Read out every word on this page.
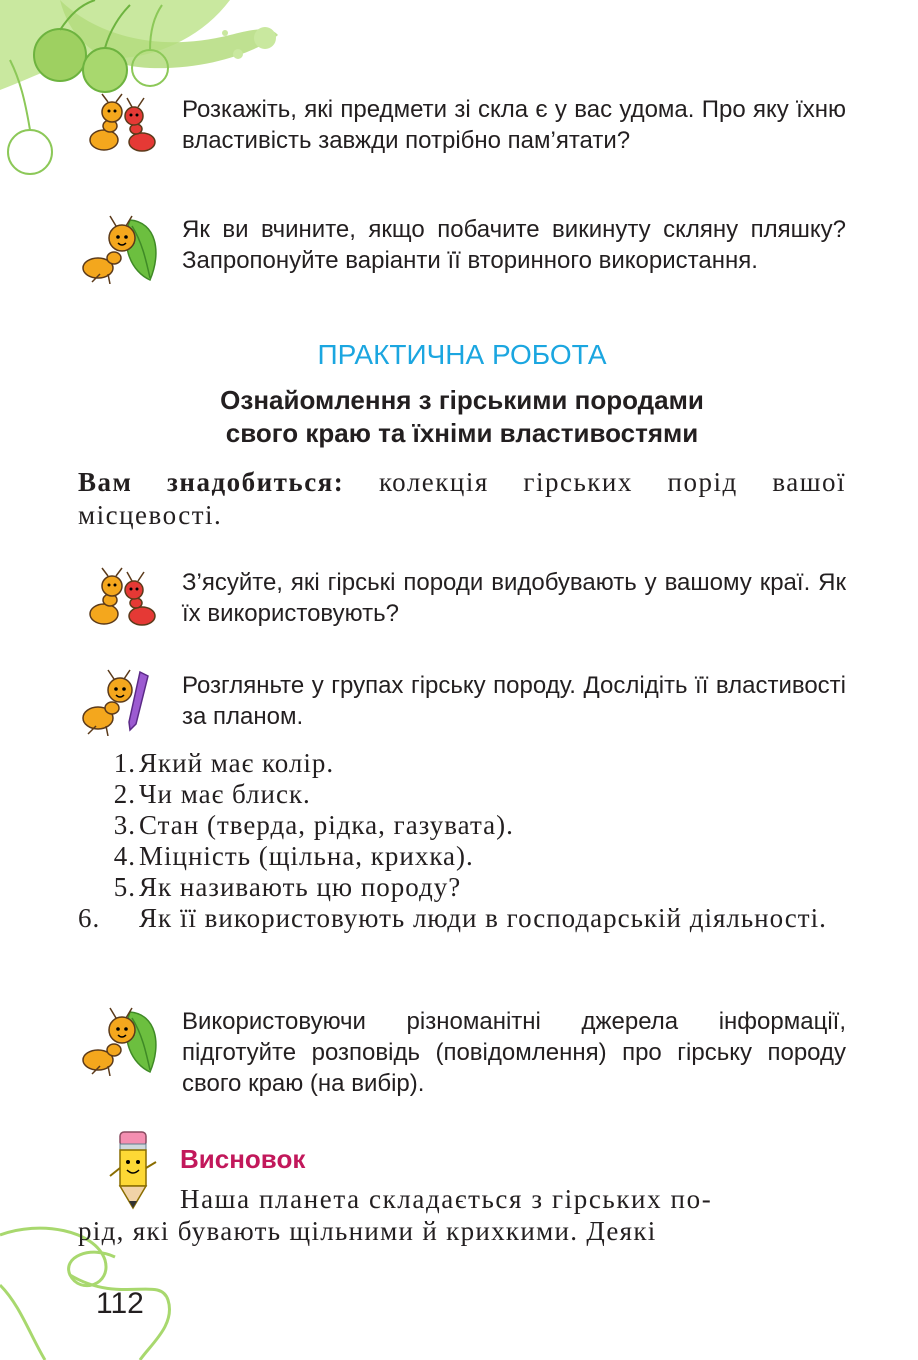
Розкажіть, які предмети зі скла є у вас удома. Про яку їхню властивість завжди потрібно пам’ятати?
Як ви вчините, якщо побачите викинуту скляну пляшку? Запропонуйте варіанти її вторинного використання.
ПРАКТИЧНА РОБОТА
Ознайомлення з гірськими породами
свого краю та їхніми властивостями
Вам знадобиться: колекція гірських порід вашої місцевості.
З’ясуйте, які гірські породи видобувають у вашому краї. Як їх використовують?
Розгляньте у групах гірську породу. Дослідіть її властивості за планом.
1. Який має колір.
2. Чи має блиск.
3. Стан (тверда, рідка, газувата).
4. Міцність (щільна, крихка).
5. Як називають цю породу?
6. Як її використовують люди в господарській діяльності.
Використовуючи різноманітні джерела інформації, підготуйте розповідь (повідомлення) про гірську породу свого краю (на вибір).
Висновок
Наша планета складається з гірських по-
рід, які бувають щільними й крихкими. Деякі
112
